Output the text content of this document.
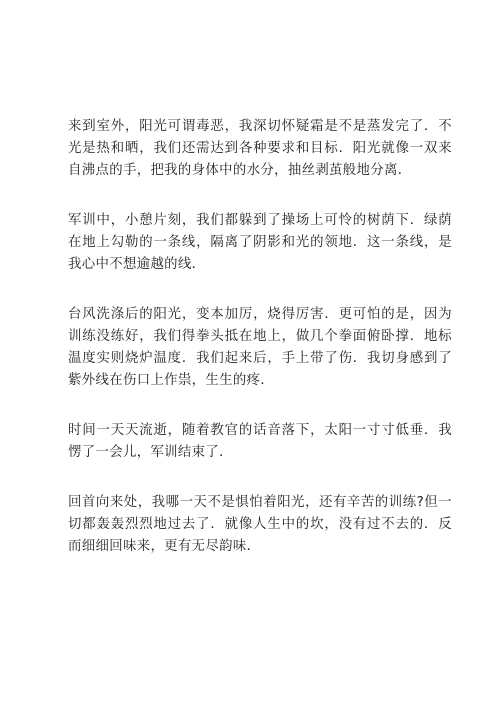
来到室外，阳光可谓毒恶，我深切怀疑霜是不是蒸发完了．不光是热和晒，我们还需达到各种要求和目标．阳光就像一双来自沸点的手，把我的身体中的水分，抽丝剥茧般地分离．

军训中，小憩片刻，我们都躲到了操场上可怜的树荫下．绿荫在地上勾勒的一条线，隔离了阴影和光的领地．这一条线，是我心中不想逾越的线．

台风洗涤后的阳光，变本加厉，烧得厉害．更可怕的是，因为训练没练好，我们得拳头抵在地上，做几个拳面俯卧撑．地标温度实则烧炉温度．我们起来后，手上带了伤．我切身感到了紫外线在伤口上作祟，生生的疼．

时间一天天流逝，随着教官的话音落下，太阳一寸寸低垂．我愣了一会儿，军训结束了．

回首向来处，我哪一天不是惧怕着阳光，还有辛苦的训练?但一切都轰轰烈烈地过去了．就像人生中的坎，没有过不去的．反而细细回味来，更有无尽韵味．
